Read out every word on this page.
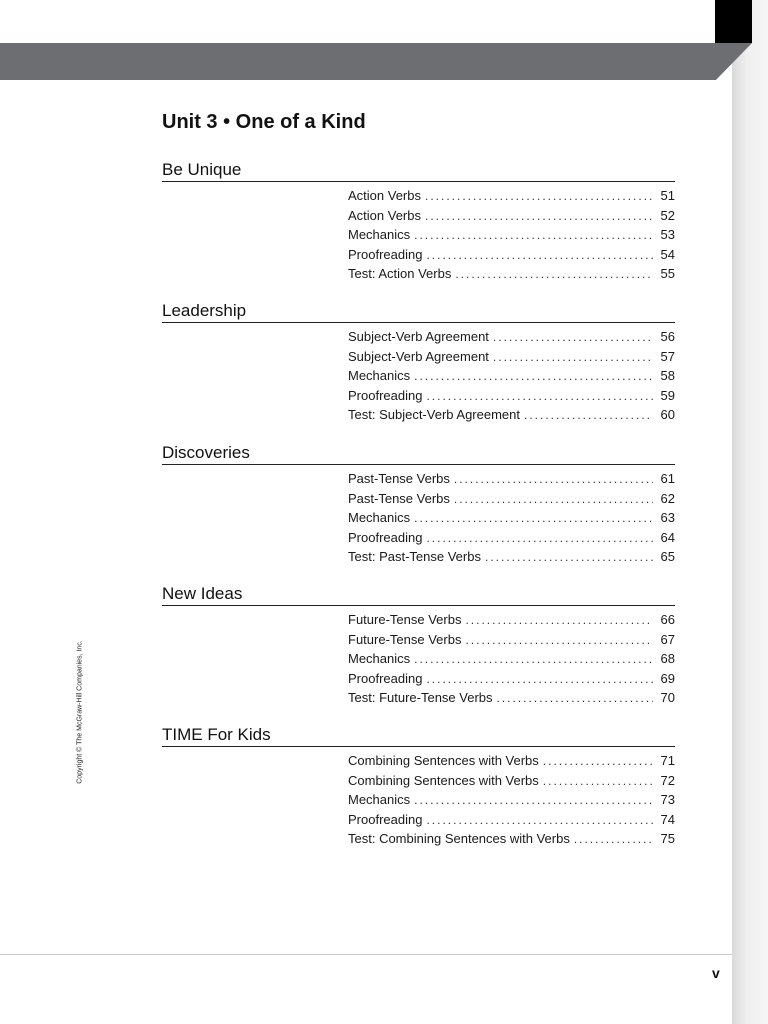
Unit 3 • One of a Kind
Be Unique
Action Verbs .....	51
Action Verbs .....	52
Mechanics .....	53
Proofreading .....	54
Test: Action Verbs .....	55
Leadership
Subject-Verb Agreement .....	56
Subject-Verb Agreement .....	57
Mechanics .....	58
Proofreading .....	59
Test: Subject-Verb Agreement .....	60
Discoveries
Past-Tense Verbs .....	61
Past-Tense Verbs .....	62
Mechanics .....	63
Proofreading .....	64
Test: Past-Tense Verbs .....	65
New Ideas
Future-Tense Verbs .....	66
Future-Tense Verbs .....	67
Mechanics .....	68
Proofreading .....	69
Test: Future-Tense Verbs .....	70
TIME For Kids
Combining Sentences with Verbs .....	71
Combining Sentences with Verbs .....	72
Mechanics .....	73
Proofreading .....	74
Test: Combining Sentences with Verbs .....	75
Copyright © The McGraw-Hill Companies, Inc.
v
